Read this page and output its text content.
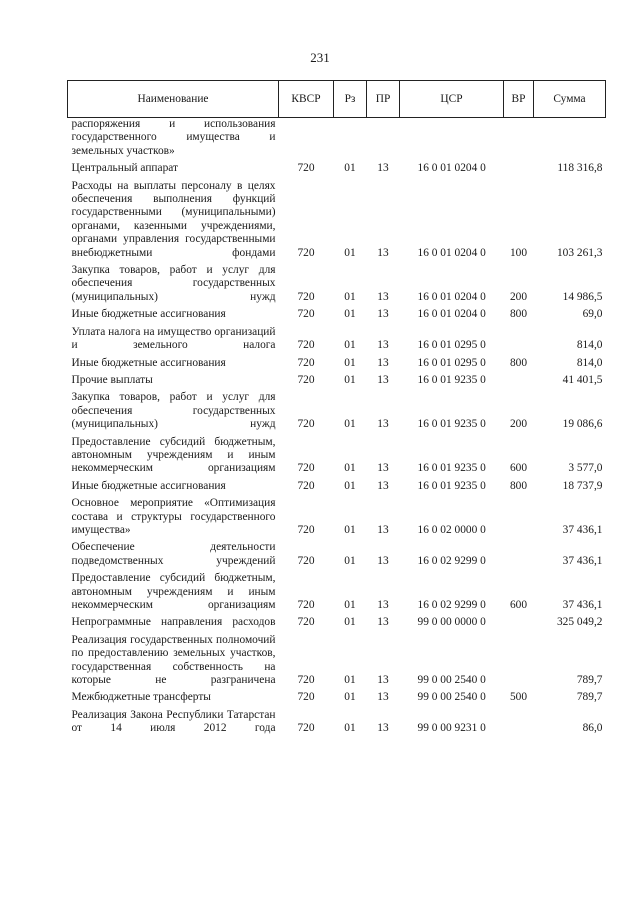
231
Наименование	КВСР	Рз	ПР	ЦСР	ВР	Сумма
распоряжения и использования государственного имущества и земельных участков»						
Центральный аппарат	720	01	13	16 0 01 0204 0		118 316,8
Расходы на выплаты персоналу в целях обеспечения выполнения функций государственными (муниципальными) органами, казенными учреждениями, органами управления государственными внебюджетными фондами	720	01	13	16 0 01 0204 0	100	103 261,3
Закупка товаров, работ и услуг для обеспечения государственных (муниципальных) нужд	720	01	13	16 0 01 0204 0	200	14 986,5
Иные бюджетные ассигнования	720	01	13	16 0 01 0204 0	800	69,0
Уплата налога на имущество организаций и земельного налога	720	01	13	16 0 01 0295 0		814,0
Иные бюджетные ассигнования	720	01	13	16 0 01 0295 0	800	814,0
Прочие выплаты	720	01	13	16 0 01 9235 0		41 401,5
Закупка товаров, работ и услуг для обеспечения государственных (муниципальных) нужд	720	01	13	16 0 01 9235 0	200	19 086,6
Предоставление субсидий бюджетным, автономным учреждениям и иным некоммерческим организациям	720	01	13	16 0 01 9235 0	600	3 577,0
Иные бюджетные ассигнования	720	01	13	16 0 01 9235 0	800	18 737,9
Основное мероприятие «Оптимизация состава и структуры государственного имущества»	720	01	13	16 0 02 0000 0		37 436,1
Обеспечение деятельности подведомственных учреждений	720	01	13	16 0 02 9299 0		37 436,1
Предоставление субсидий бюджетным, автономным учреждениям и иным некоммерческим организациям	720	01	13	16 0 02 9299 0	600	37 436,1
Непрограммные направления расходов	720	01	13	99 0 00 0000 0		325 049,2
Реализация государственных полномочий по предоставлению земельных участков, государственная собственность на которые не разграничена	720	01	13	99 0 00 2540 0		789,7
Межбюджетные трансферты	720	01	13	99 0 00 2540 0	500	789,7
Реализация Закона Республики Татарстан от 14 июля 2012 года	720	01	13	99 0 00 9231 0		86,0
